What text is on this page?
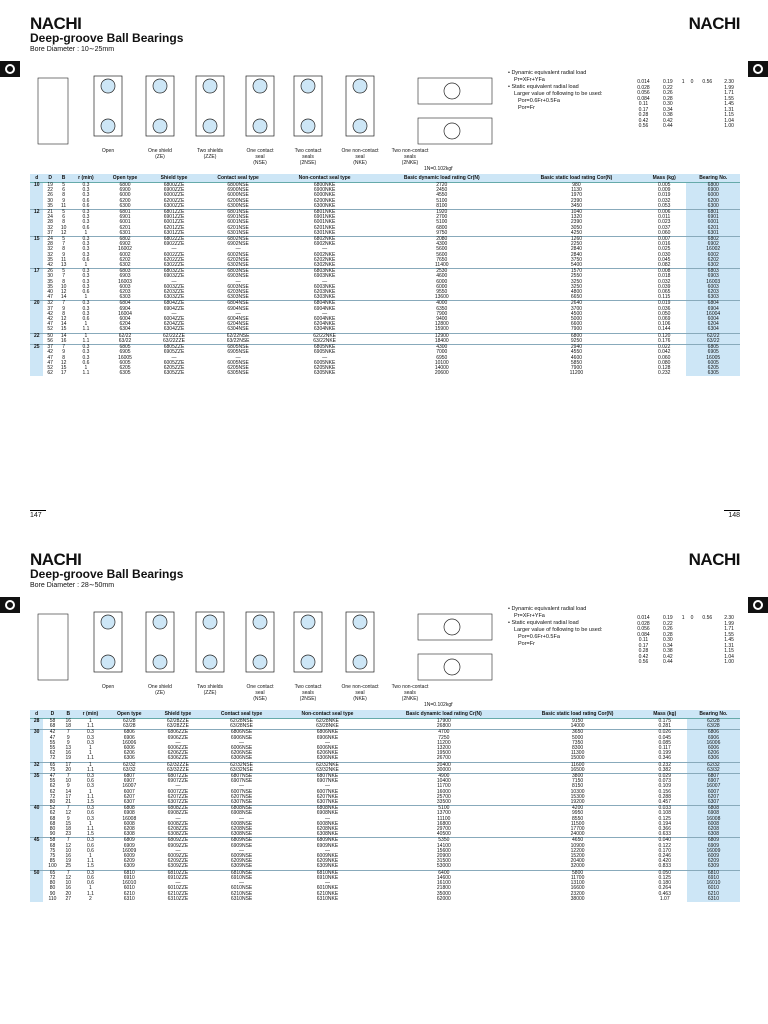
NACHI	NACHI
Deep-groove Ball Bearings
Bore Diameter : 10∼25mm
Open	One shield
(ZE)
Two shields
(ZZE)
One contact
seal
(NSE)
Two contact
seals
(2NSE)
One non-contact
seal
(NKE)
Two non-contact
seals
(2NKE)
• Dynamic equivalent radial load
Pr=XFr+YFa
• Static equivalent radial load
Larger value of following to be used:
Por=0.6Fr+0.5Fa
Por=Fr
0.014	0.19	1	0	0.56	2.30
0.028	0.22				1.99
0.056	0.26				1.71
0.084	0.28				1.55
0.11	0.30				1.45
0.17	0.34				1.31
0.28	0.38				1.15
0.42	0.42				1.04
0.56	0.44				1.00
1N=0.102kgf
d	D	B	r (min)	Open type	Shield type	Contact seal type	Non-contact seal type	Basic dynamic load rating Cr(N)	Basic static load rating Cor(N)	Mass (kg)	Bearing No.
10	19	5	0.3	6800	6800ZZE	6800NSE	6800NKE	2720	980	0.005	6800
	22	6	0.3	6900	6900ZZE	6900NSE	6900NKE	2450	1130	0.009	6900
	26	8	0.3	6000	6000ZZE	6000NSE	6000NKE	4550	1970	0.019	6000
	30	9	0.6	6200	6200ZZE	6200NSE	6200NKE	5100	2390	0.032	6200
	35	11	0.6	6300	6300ZZE	6300NSE	6300NKE	8100	3450	0.053	6300
12	21	5	0.3	6801	6801ZZE	6801NSE	6801NKE	1920	1040	0.006	6801
	24	6	0.3	6901	6901ZZE	6901NSE	6901NKE	2700	1320	0.011	6901
	28	8	0.3	6001	6001ZZE	6001NSE	6001NKE	5100	2390	0.023	6001
	32	10	0.6	6201	6201ZZE	6201NSE	6201NKE	6800	3050	0.037	6201
	37	12	1	6301	6301ZZE	6301NSE	6301NKE	9750	4250	0.060	6301
15	24	5	0.3	6802	6802ZZE	6802NSE	6802NKE	2080	1260	0.007	6802
	28	7	0.3	6902	6902ZZE	6902NSE	6902NKE	4300	2250	0.016	6902
	32	8	0.3	16002	—	—	—	5600	2840	0.025	16002
	32	9	0.3	6002	6002ZZE	6002NSE	6002NKE	5600	2840	0.030	6002
	35	11	0.6	6202	6202ZZE	6202NSE	6202NKE	7650	3750	0.045	6202
	42	13	1	6302	6302ZZE	6302NSE	6302NKE	11400	5400	0.082	6302
17	26	5	0.3	6803	6803ZZE	6803NSE	6803NKE	2530	1570	0.008	6803
	30	7	0.3	6903	6903ZZE	6903NSE	6903NKE	4600	2550	0.018	6903
	35	8	0.3	16003	—	—	—	6000	3250	0.032	16003
	35	10	0.3	6003	6003ZZE	6003NSE	6003NKE	6000	3250	0.039	6003
	40	12	0.6	6203	6203ZZE	6203NSE	6203NKE	9550	4800	0.065	6203
	47	14	1	6303	6303ZZE	6303NSE	6303NKE	13600	6650	0.115	6303
20	32	7	0.3	6804	6804ZZE	6804NSE	6804NKE	4000	2640	0.019	6804
	37	9	0.3	6904	6904ZZE	6904NSE	6904NKE	6350	3700	0.036	6904
	42	8	0.3	16004	—	—	—	7900	4500	0.050	16004
	42	12	0.6	6004	6004ZZE	6004NSE	6004NKE	9400	5000	0.069	6004
	47	14	1	6204	6204ZZE	6204NSE	6204NKE	12800	6600	0.106	6204
	52	15	1.1	6304	6304ZZE	6304NSE	6304NKE	15900	7900	0.144	6304
22	50	14	1	62/22	62/22ZZE	62/22NSE	62/22NKE	12900	6800	0.120	62/22
	56	16	1.1	63/22	63/22ZZE	63/22NSE	63/22NKE	18400	9250	0.176	63/22
25	37	7	0.3	6805	6805ZZE	6805NSE	6805NKE	4300	2940	0.022	6805
	42	9	0.3	6905	6905ZZE	6905NSE	6905NKE	7000	4550	0.042	6905
	47	8	0.3	16005	—	—	—	6950	4600	0.060	16005
	47	12	0.6	6005	6005ZZE	6005NSE	6005NKE	10100	5850	0.080	6005
	52	15	1	6205	6205ZZE	6205NSE	6205NKE	14000	7900	0.128	6205
	62	17	1.1	6305	6305ZZE	6305NSE	6305NKE	20600	11200	0.232	6305
147	148
NACHI	NACHI
Deep-groove Ball Bearings
Bore Diameter : 28∼50mm
Open	One shield
(ZE)
Two shields
(ZZE)
One contact
seal
(NSE)
Two contact
seals
(2NSE)
One non-contact
seal
(NKE)
Two non-contact
seals
(2NKE)
• Dynamic equivalent radial load
Pr=XFr+YFa
• Static equivalent radial load
Larger value of following to be used:
Por=0.6Fr+0.5Fa
Por=Fr
0.014	0.19	1	0	0.56	2.30
0.028	0.22				1.99
0.056	0.26				1.71
0.084	0.28				1.55
0.11	0.30				1.45
0.17	0.34				1.31
0.28	0.38				1.15
0.42	0.42				1.04
0.56	0.44				1.00
1N=0.102kgf
d	D	B	r (min)	Open type	Shield type	Contact seal type	Non-contact seal type	Basic dynamic load rating Cr(N)	Basic static load rating Cor(N)	Mass (kg)	Bearing No.
28	58	16	1	62/28	62/28ZZE	62/28NSE	62/28NKE	17900	9150	0.175	62/28
	68	18	1.1	63/28	63/28ZZE	63/28NSE	63/28NKE	26800	14000	0.281	63/28
30	42	7	0.3	6806	6806ZZE	6806NSE	6806NKE	4700	3650	0.026	6806
	47	9	0.3	6906	6906ZZE	6906NSE	6906NKE	7250	5000	0.045	6906
	55	9	0.3	16006	—	—	—	11200	7350	0.085	16006
	55	13	1	6006	6006ZZE	6006NSE	6006NKE	13200	8300	0.117	6006
	62	16	1	6206	6206ZZE	6206NSE	6206NKE	19500	11300	0.199	6206
	72	19	1.1	6306	6306ZZE	6306NSE	6306NKE	26700	15000	0.346	6306
32	65	17	1	62/32	62/32ZZE	62/32NSE	62/32NKE	20400	11600	0.232	62/32
	75	20	1.1	63/32	63/32ZZE	63/32NSE	63/32NKE	30000	16500	0.382	63/32
35	47	7	0.3	6807	6807ZZE	6807NSE	6807NKE	4900	3800	0.029	6807
	55	10	0.6	6907	6907ZZE	6907NSE	6907NKE	10400	7150	0.073	6907
	62	9	0.3	16007	—	—	—	11700	8150	0.109	16007
	62	14	1	6007	6007ZZE	6007NSE	6007NKE	16000	10300	0.156	6007
	72	17	1.1	6207	6207ZZE	6207NSE	6207NKE	25700	15300	0.288	6207
	80	21	1.5	6307	6307ZZE	6307NSE	6307NKE	33500	19200	0.457	6307
40	52	7	0.3	6808	6808ZZE	6808NSE	6808NKE	5100	4200	0.033	6808
	62	12	0.6	6908	6908ZZE	6908NSE	6908NKE	13700	9950	0.108	6908
	68	9	0.3	16008	—	—	—	11100	8550	0.125	16008
	68	15	1	6008	6008ZZE	6008NSE	6008NKE	16800	11500	0.194	6008
	80	18	1.1	6208	6208ZZE	6208NSE	6208NKE	29700	17700	0.366	6208
	90	23	1.5	6308	6308ZZE	6308NSE	6308NKE	40500	24000	0.633	6308
45	58	7	0.3	6809	6809ZZE	6809NSE	6809NKE	5350	4650	0.040	6809
	68	12	0.6	6909	6909ZZE	6909NSE	6909NKE	14100	10900	0.122	6909
	75	10	0.6	16009	—	—	—	15600	12200	0.170	16009
	75	16	1	6009	6009ZZE	6009NSE	6009NKE	20900	15200	0.246	6009
	85	19	1.1	6209	6209ZZE	6209NSE	6209NKE	31500	20400	0.420	6209
	100	25	1.5	6309	6309ZZE	6309NSE	6309NKE	53000	32000	0.833	6309
50	65	7	0.3	6810	6810ZZE	6810NSE	6810NKE	6400	5800	0.050	6810
	72	12	0.6	6910	6910ZZE	6910NSE	6910NKE	14600	11700	0.125	6910
	80	10	0.6	16010	—	—	—	16100	13100	0.180	16010
	80	16	1	6010	6010ZZE	6010NSE	6010NKE	21800	16600	0.264	6010
	90	20	1.1	6210	6210ZZE	6210NSE	6210NKE	35000	23200	0.463	6210
	110	27	2	6310	6310ZZE	6310NSE	6310NKE	62000	38000	1.07	6310
